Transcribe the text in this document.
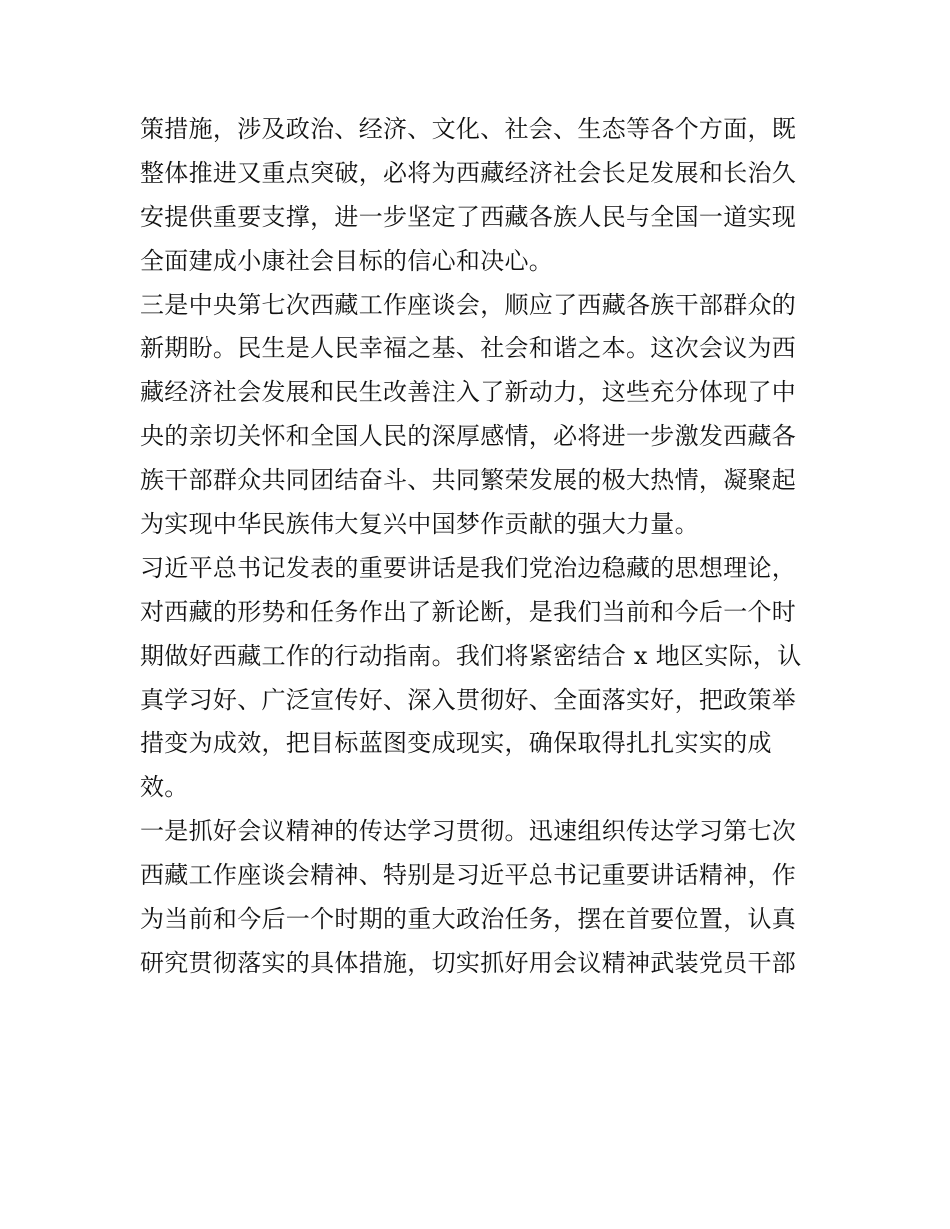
策措施，涉及政治、经济、文化、社会、生态等各个方面，既
整体推进又重点突破，必将为西藏经济社会长足发展和长治久
安提供重要支撑，进一步坚定了西藏各族人民与全国一道实现
全面建成小康社会目标的信心和决心。
三是中央第七次西藏工作座谈会，顺应了西藏各族干部群众的
新期盼。民生是人民幸福之基、社会和谐之本。这次会议为西
藏经济社会发展和民生改善注入了新动力，这些充分体现了中
央的亲切关怀和全国人民的深厚感情，必将进一步激发西藏各
族干部群众共同团结奋斗、共同繁荣发展的极大热情，凝聚起
为实现中华民族伟大复兴中国梦作贡献的强大力量。
习近平总书记发表的重要讲话是我们党治边稳藏的思想理论，
对西藏的形势和任务作出了新论断，是我们当前和今后一个时
期做好西藏工作的行动指南。我们将紧密结合 x 地区实际，认
真学习好、广泛宣传好、深入贯彻好、全面落实好，把政策举
措变为成效，把目标蓝图变成现实，确保取得扎扎实实的成
效。
一是抓好会议精神的传达学习贯彻。迅速组织传达学习第七次
西藏工作座谈会精神、特别是习近平总书记重要讲话精神，作
为当前和今后一个时期的重大政治任务，摆在首要位置，认真
研究贯彻落实的具体措施，切实抓好用会议精神武装党员干部
